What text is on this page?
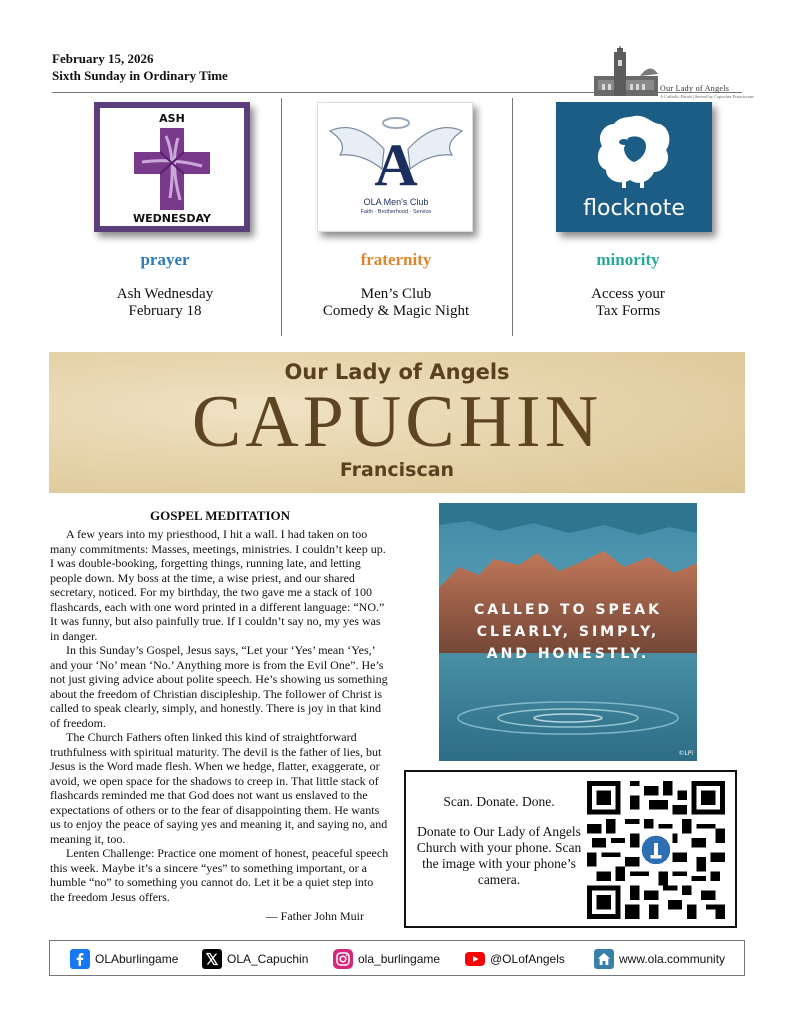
February 15, 2026
Sixth Sunday in Ordinary Time
Our Lady of Angels
A Catholic Parish | Served by Capuchin Franciscans
ASH
WEDNESDAY
prayer
Ash Wednesday
February 18
A
OLA Men's Club
Faith · Brotherhood · Service
fraternity
Men’s Club
Comedy & Magic Night
flocknote
minority
Access your
Tax Forms
Our Lady of Angels
CAPUCHIN
Franciscan
GOSPEL MEDITATION

A few years into my priesthood, I hit a wall. I had taken on too many commitments: Masses, meetings, ministries. I couldn’t keep up. I was double-booking, forgetting things, running late, and letting people down. My boss at the time, a wise priest, and our shared secretary, noticed. For my birthday, the two gave me a stack of 100 flashcards, each with one word printed in a different language: “NO.” It was funny, but also painfully true. If I couldn’t say no, my yes was in danger.

In this Sunday’s Gospel, Jesus says, “Let your ‘Yes’ mean ‘Yes,’ and your ‘No’ mean ‘No.’ Anything more is from the Evil One”. He’s not just giving advice about polite speech. He’s showing us something about the freedom of Christian discipleship. The follower of Christ is called to speak clearly, simply, and honestly. There is joy in that kind of freedom.

The Church Fathers often linked this kind of straightforward truthfulness with spiritual maturity. The devil is the father of lies, but Jesus is the Word made flesh. When we hedge, flatter, exaggerate, or avoid, we open space for the shadows to creep in. That little stack of flashcards reminded me that God does not want us enslaved to the expectations of others or to the fear of disappointing them. He wants us to enjoy the peace of saying yes and meaning it, and saying no, and meaning it, too.

Lenten Challenge: Practice one moment of honest, peaceful speech this week. Maybe it’s a sincere “yes” to something important, or a humble “no” to something you cannot do. Let it be a quiet step into the freedom Jesus offers.

— Father John Muir
CALLED TO SPEAK
CLEARLY, SIMPLY,
AND HONESTLY.
©LPi
Scan. Donate. Done.
Donate to Our Lady of Angels Church with your phone. Scan the image with your phone’s camera.
OLAburlingame	OLA_Capuchin	ola_burlingame	@OLofAngels	www.ola.community
